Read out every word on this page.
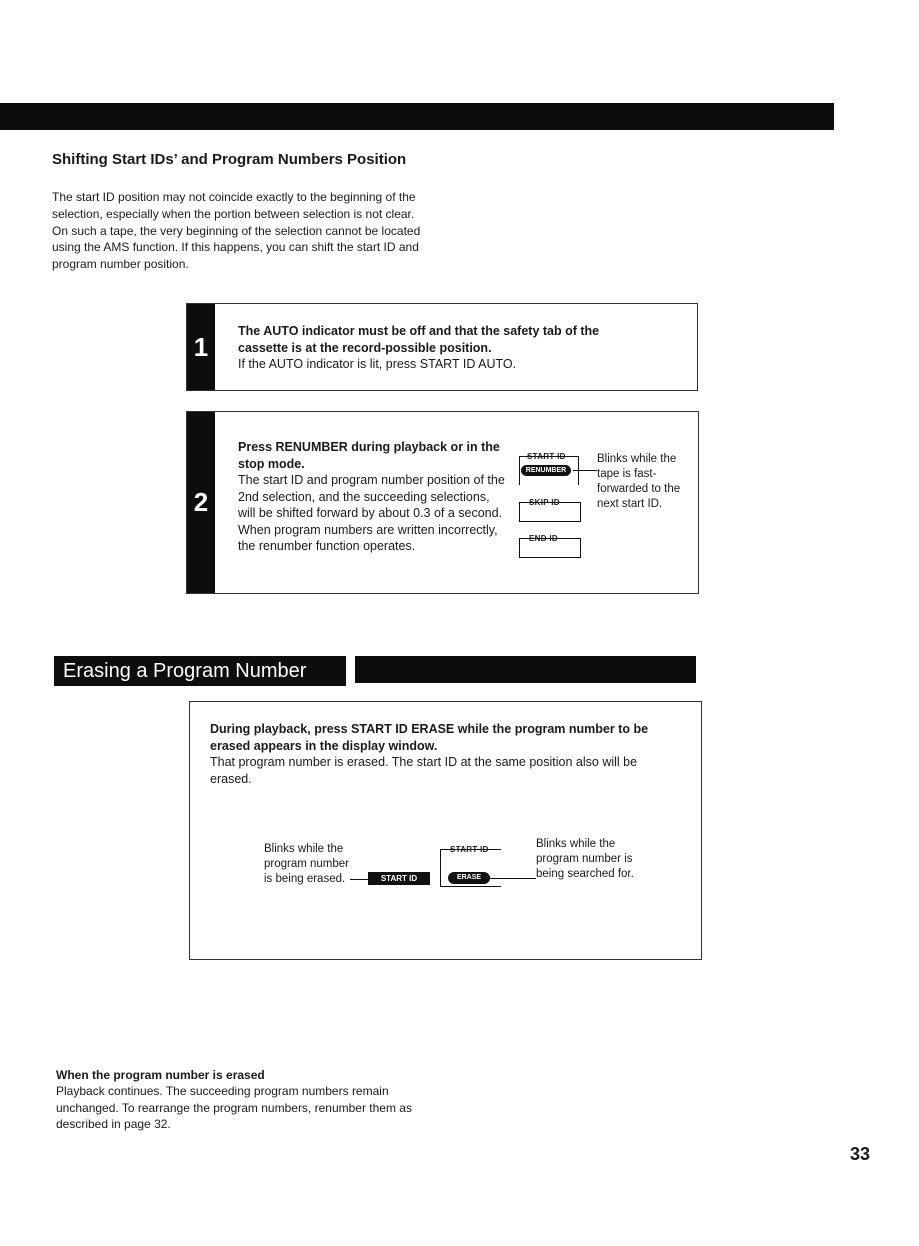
Shifting Start IDs’ and Program Numbers Position
The start ID position may not coincide exactly to the beginning of the selection, especially when the portion between selection is not clear. On such a tape, the very beginning of the selection cannot be located using the AMS function. If this happens, you can shift the start ID and program number position.
1
The AUTO indicator must be off and that the safety tab of the cassette is at the record-possible position.
If the AUTO indicator is lit, press START ID AUTO.
2
Press RENUMBER during playback or in the stop mode.
The start ID and program number position of the 2nd selection, and the succeeding selections, will be shifted forward by about 0.3 of a second.
When program numbers are written incorrectly, the renumber function operates.
START ID
RENUMBER
SKIP ID
END ID
Blinks while the tape is fast-forwarded to the next start ID.
Erasing a Program Number
During playback, press START ID ERASE while the program number to be erased appears in the display window.
That program number is erased. The start ID at the same position also will be erased.
Blinks while the program number is being erased.	START ID
START ID
ERASE
Blinks while the program number is being searched for.
When the program number is erased
Playback continues. The succeeding program numbers remain unchanged. To rearrange the program numbers, renumber them as described in page 32.
33
